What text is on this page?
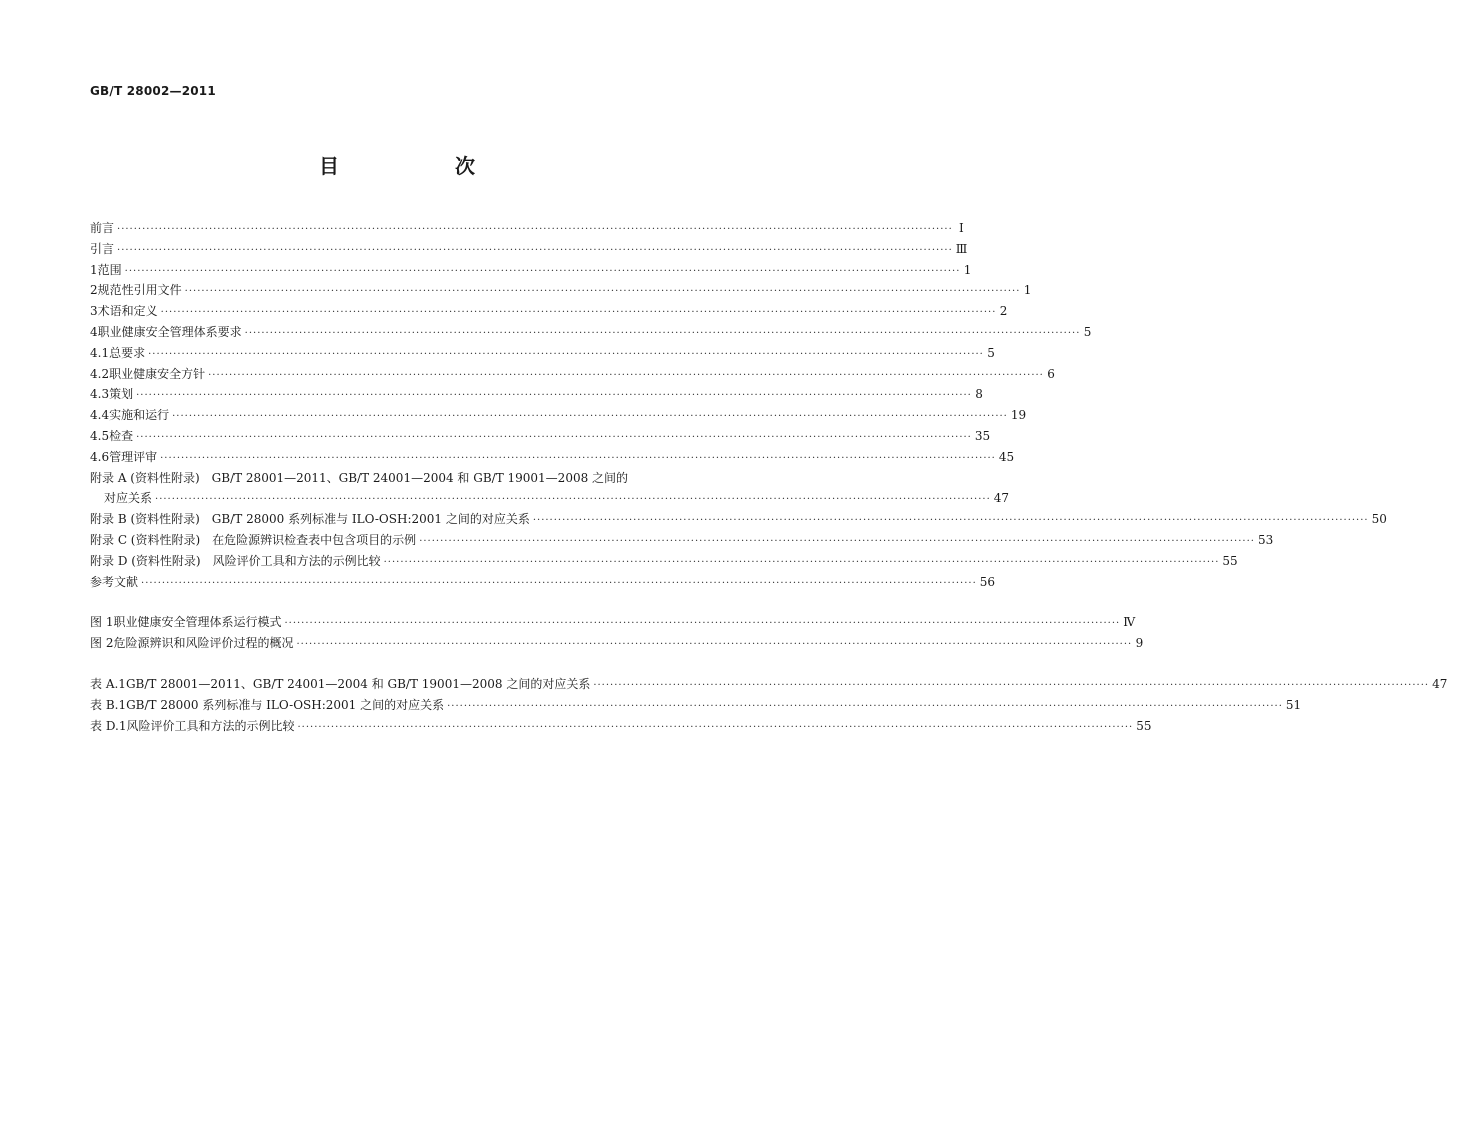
GB/T 28002—2011
目　次
前言 ········································································································································································································ Ⅰ
引言 ········································································································································································································ Ⅲ
1 范围 ········································································································································································································ 1
2 规范性引用文件 ········································································································································································································ 1
3 术语和定义 ········································································································································································································ 2
4 职业健康安全管理体系要求 ········································································································································································································ 5
4.1 总要求 ········································································································································································································ 5
4.2 职业健康安全方针 ········································································································································································································ 6
4.3 策划 ········································································································································································································ 8
4.4 实施和运行 ········································································································································································································ 19
4.5 检查 ········································································································································································································ 35
4.6 管理评审 ········································································································································································································ 45
附录 A (资料性附录)　GB/T 28001—2011、GB/T 24001—2004 和 GB/T 19001—2008 之间的
对应关系 ········································································································································································································ 47
附录 B (资料性附录)　GB/T 28000 系列标准与 ILO-OSH:2001 之间的对应关系 ········································································································································································································ 50
附录 C (资料性附录)　在危险源辨识检查表中包含项目的示例 ········································································································································································································ 53
附录 D (资料性附录)　风险评价工具和方法的示例比较 ········································································································································································································ 55
参考文献 ········································································································································································································ 56
图 1 职业健康安全管理体系运行模式 ········································································································································································································ Ⅳ
图 2 危险源辨识和风险评价过程的概况 ········································································································································································································ 9
表 A.1 GB/T 28001—2011、GB/T 24001—2004 和 GB/T 19001—2008 之间的对应关系 ········································································································································································································ 47
表 B.1 GB/T 28000 系列标准与 ILO-OSH:2001 之间的对应关系 ········································································································································································································ 51
表 D.1 风险评价工具和方法的示例比较 ········································································································································································································ 55
